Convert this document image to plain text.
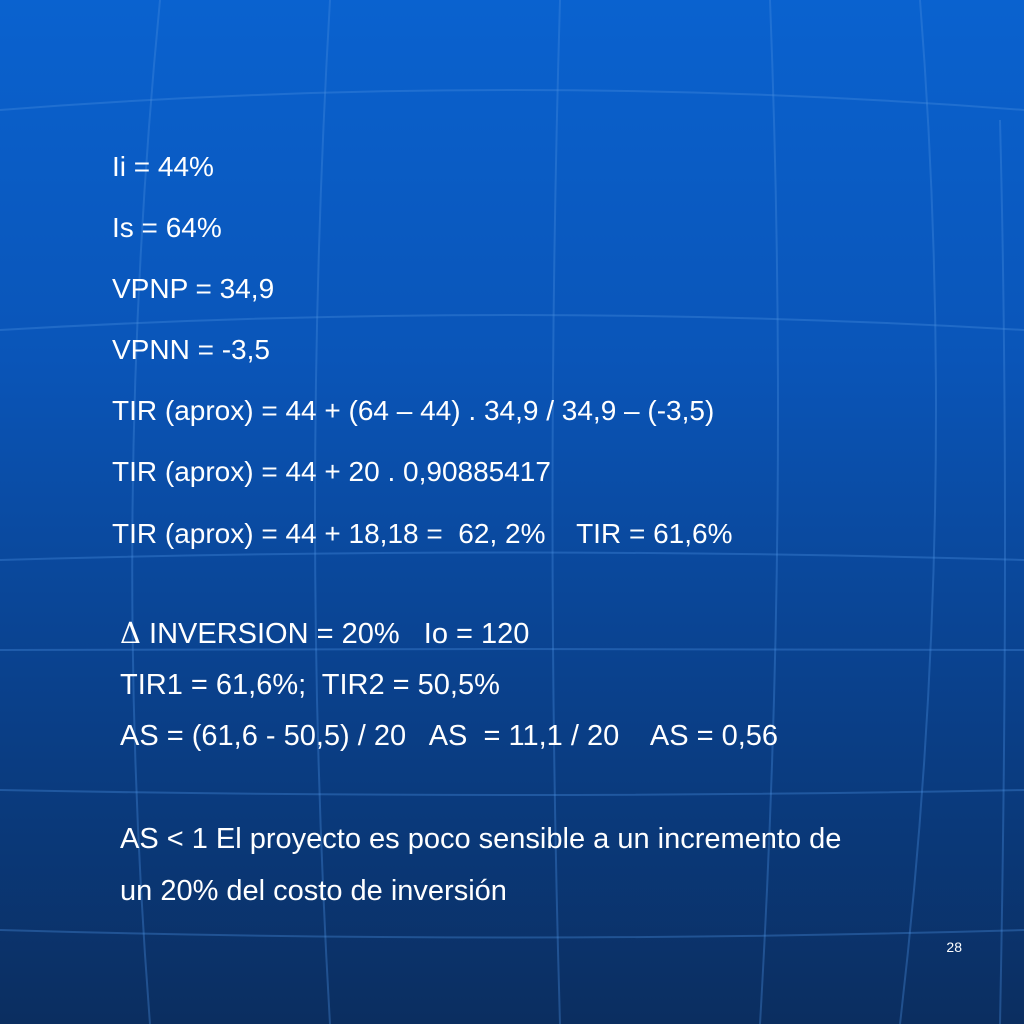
Ii = 44%
Is = 64%
VPNP = 34,9
VPNN = -3,5
TIR (aprox) = 44 + (64 – 44) . 34,9 / 34,9 – (-3,5)
TIR (aprox) = 44 + 20 . 0,90885417
TIR (aprox) = 44 + 18,18 =  62, 2%    TIR = 61,6%
Δ INVERSION = 20%   Io = 120
TIR1 = 61,6%;  TIR2 = 50,5%
AS = (61,6 - 50,5) / 20   AS  = 11,1 / 20    AS = 0,56
AS < 1 El proyecto es poco sensible a un incremento de
un 20% del costo de inversión
28
